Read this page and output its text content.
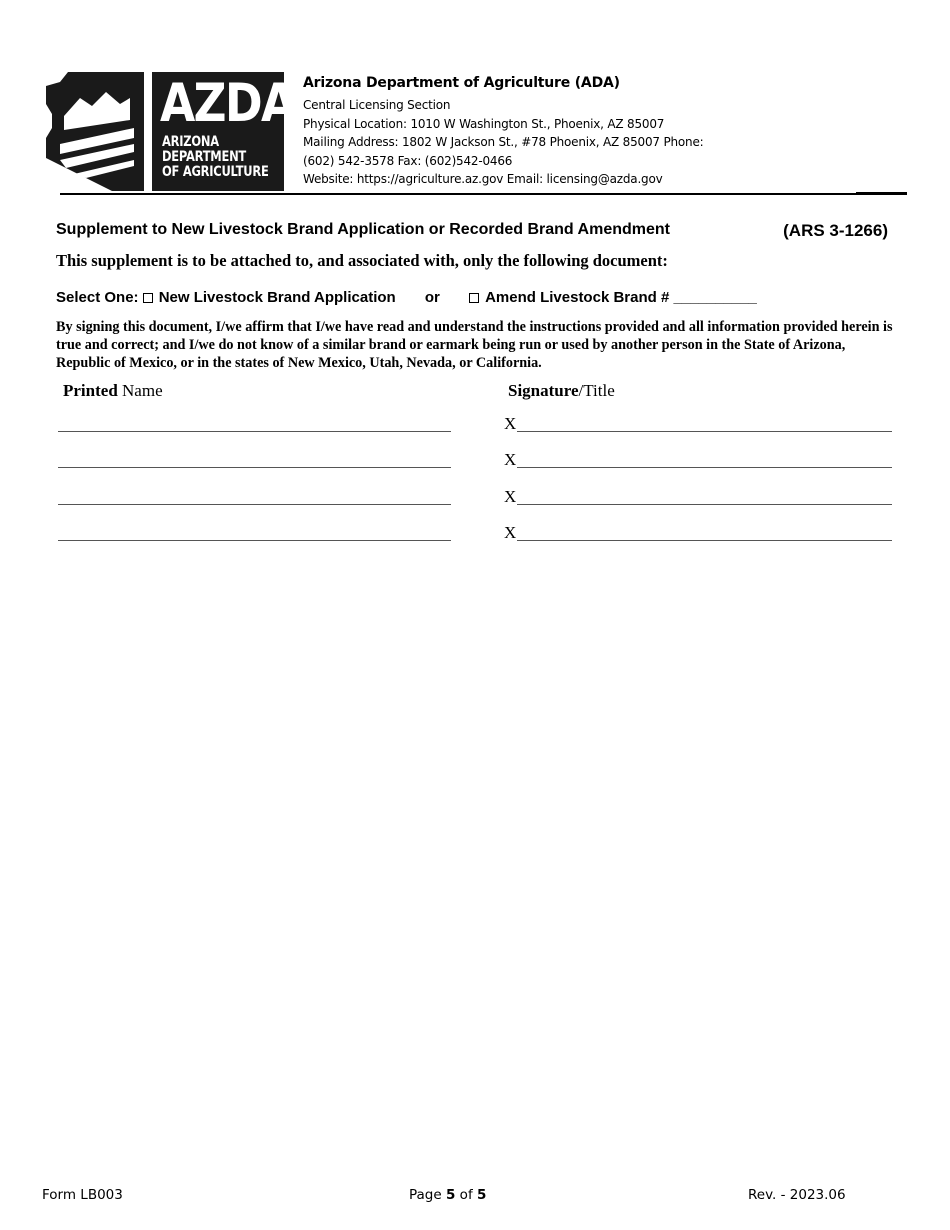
AZDA
ARIZONA
DEPARTMENT
OF AGRICULTURE
Arizona Department of Agriculture (ADA)
Central Licensing Section
Physical Location: 1010 W Washington St., Phoenix, AZ 85007
Mailing Address: 1802 W Jackson St., #78 Phoenix, AZ 85007 Phone:
(602) 542-3578 Fax: (602)542-0466
Website: https://agriculture.az.gov Email: licensing@azda.gov
Supplement to New Livestock Brand Application or Recorded Brand Amendment	(ARS 3-1266)
This supplement is to be attached to, and associated with, only the following document:
Select One: New Livestock Brand Application or	Amend Livestock Brand # __________
By signing this document, I/we affirm that I/we have read and understand the instructions provided and all information provided herein is true and correct; and I/we do not know of a similar brand or earmark being run or used by another person in the State of Arizona, Republic of Mexico, or in the states of New Mexico, Utah, Nevada, or California.
Printed Name	Signature/Title
X
X
X
X
Form LB003	Page 5 of 5	Rev. - 2023.06
